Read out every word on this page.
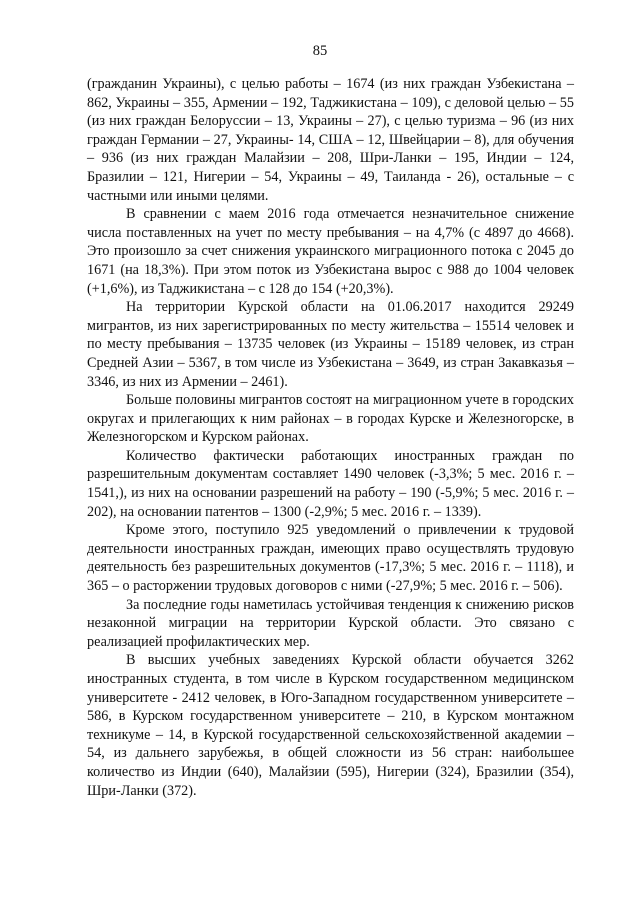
85

(гражданин Украины), с целью работы – 1674 (из них граждан Узбекистана – 862, Украины – 355, Армении – 192, Таджикистана – 109), с деловой целью – 55 (из них граждан Белоруссии – 13, Украины – 27), с целью туризма – 96 (из них граждан Германии – 27, Украины- 14, США – 12, Швейцарии – 8), для обучения – 936 (из них граждан Малайзии – 208, Шри-Ланки – 195, Индии – 124, Бразилии – 121, Нигерии – 54, Украины – 49, Таиланда - 26), остальные – с частными или иными целями.

В сравнении с маем 2016 года отмечается незначительное снижение числа поставленных на учет по месту пребывания – на 4,7% (с 4897 до 4668). Это произошло за счет снижения украинского миграционного потока с 2045 до 1671 (на 18,3%). При этом поток из Узбекистана вырос с 988 до 1004 человек (+1,6%), из Таджикистана – с 128 до 154 (+20,3%).

На территории Курской области на 01.06.2017 находится 29249 мигрантов, из них зарегистрированных по месту жительства – 15514 человек и по месту пребывания – 13735 человек (из Украины – 15189 человек, из стран Средней Азии – 5367, в том числе из Узбекистана – 3649, из стран Закавказья – 3346, из них из Армении – 2461).

Больше половины мигрантов состоят на миграционном учете в городских округах и прилегающих к ним районах – в городах Курске и Железногорске, в Железногорском и Курском районах.

Количество фактически работающих иностранных граждан по разрешительным документам составляет 1490 человек (-3,3%; 5 мес. 2016 г. – 1541,), из них на основании разрешений на работу – 190 (-5,9%; 5 мес. 2016 г. – 202), на основании патентов – 1300 (-2,9%; 5 мес. 2016 г. – 1339).

Кроме этого, поступило 925 уведомлений о привлечении к трудовой деятельности иностранных граждан, имеющих право осуществлять трудовую деятельность без разрешительных документов (-17,3%; 5 мес. 2016 г. – 1118), и 365 – о расторжении трудовых договоров с ними (-27,9%; 5 мес. 2016 г. – 506).

За последние годы наметилась устойчивая тенденция к снижению рисков незаконной миграции на территории Курской области. Это связано с реализацией профилактических мер.

В высших учебных заведениях Курской области обучается 3262 иностранных студента, в том числе в Курском государственном медицинском университете - 2412 человек, в Юго-Западном государственном университете – 586, в Курском государственном университете – 210, в Курском монтажном техникуме – 14, в Курской государственной сельскохозяйственной академии – 54, из дальнего зарубежья, в общей сложности из 56 стран: наибольшее количество из Индии (640), Малайзии (595), Нигерии (324), Бразилии (354), Шри-Ланки (372).
